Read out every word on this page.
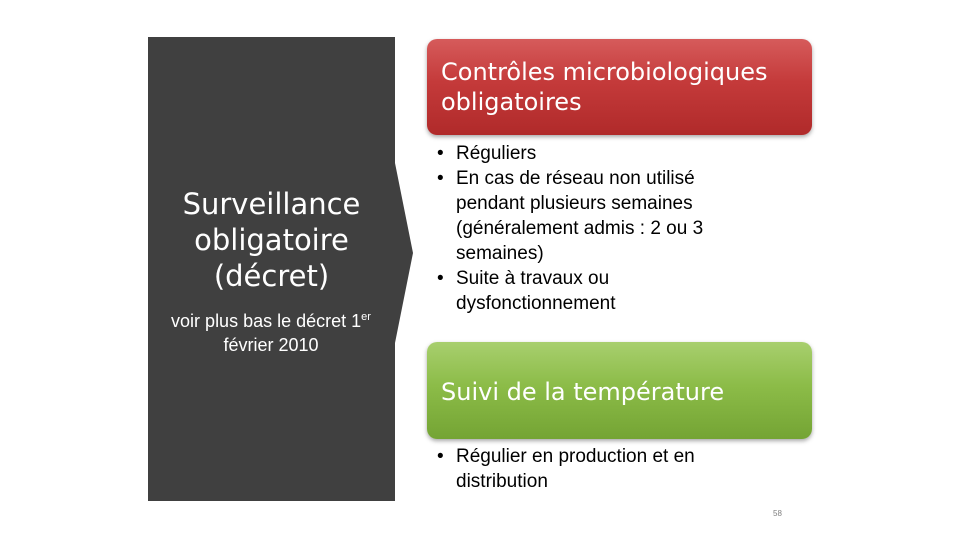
Surveillance obligatoire (décret)
voir plus bas le décret 1er février 2010
Contrôles microbiologiques obligatoires
• Réguliers
• En cas de réseau non utilisé pendant plusieurs semaines (généralement admis : 2 ou 3 semaines)
• Suite à travaux ou dysfonctionnement
Suivi de la température
• Régulier en production et en distribution
58
